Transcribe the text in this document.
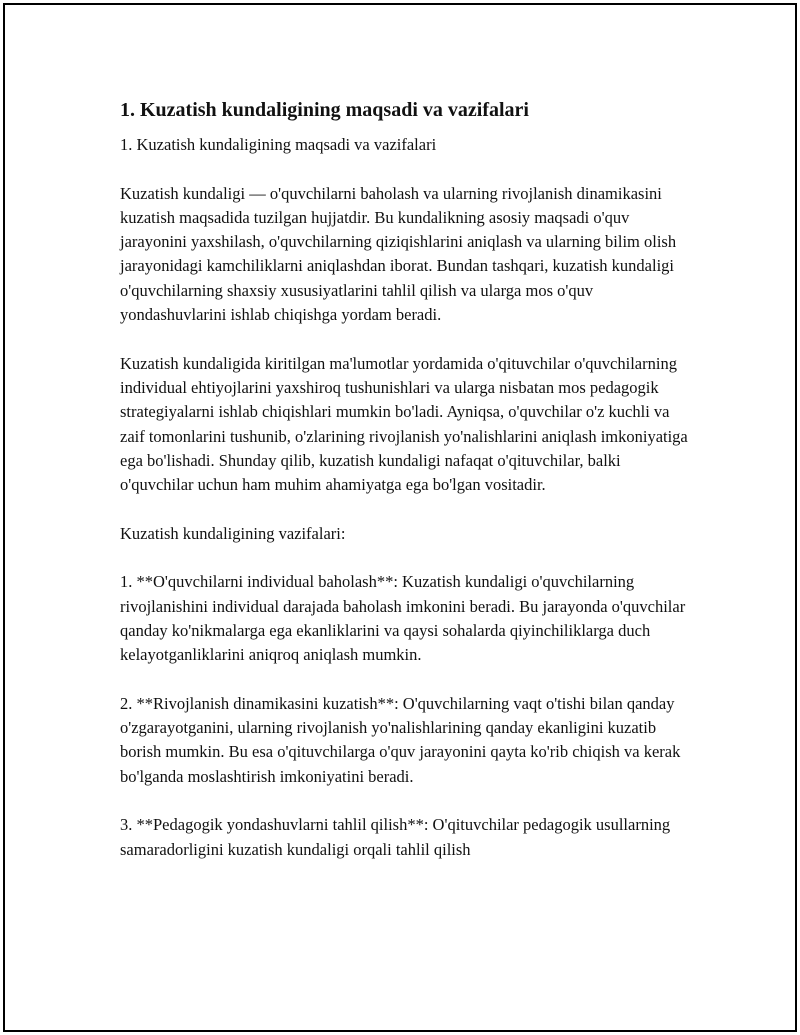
1. Kuzatish kundaligining maqsadi va vazifalari

1. Kuzatish kundaligining maqsadi va vazifalari

Kuzatish kundaligi — o'quvchilarni baholash va ularning rivojlanish dinamikasini kuzatish maqsadida tuzilgan hujjatdir. Bu kundalikning asosiy maqsadi o'quv jarayonini yaxshilash, o'quvchilarning qiziqishlarini aniqlash va ularning bilim olish jarayonidagi kamchiliklarni aniqlashdan iborat. Bundan tashqari, kuzatish kundaligi o'quvchilarning shaxsiy xususiyatlarini tahlil qilish va ularga mos o'quv yondashuvlarini ishlab chiqishga yordam beradi.

Kuzatish kundaligida kiritilgan ma'lumotlar yordamida o'qituvchilar o'quvchilarning individual ehtiyojlarini yaxshiroq tushunishlari va ularga nisbatan mos pedagogik strategiyalarni ishlab chiqishlari mumkin bo'ladi. Ayniqsa, o'quvchilar o'z kuchli va zaif tomonlarini tushunib, o'zlarining rivojlanish yo'nalishlarini aniqlash imkoniyatiga ega bo'lishadi. Shunday qilib, kuzatish kundaligi nafaqat o'qituvchilar, balki o'quvchilar uchun ham muhim ahamiyatga ega bo'lgan vositadir.

Kuzatish kundaligining vazifalari:

1. **O'quvchilarni individual baholash**: Kuzatish kundaligi o'quvchilarning rivojlanishini individual darajada baholash imkonini beradi. Bu jarayonda o'quvchilar qanday ko'nikmalarga ega ekanliklarini va qaysi sohalarda qiyinchiliklarga duch kelayotganliklarini aniqroq aniqlash mumkin.

2. **Rivojlanish dinamikasini kuzatish**: O'quvchilarning vaqt o'tishi bilan qanday o'zgarayotganini, ularning rivojlanish yo'nalishlarining qanday ekanligini kuzatib borish mumkin. Bu esa o'qituvchilarga o'quv jarayonini qayta ko'rib chiqish va kerak bo'lganda moslashtirish imkoniyatini beradi.

3. **Pedagogik yondashuvlarni tahlil qilish**: O'qituvchilar pedagogik usullarning samaradorligini kuzatish kundaligi orqali tahlil qilish
